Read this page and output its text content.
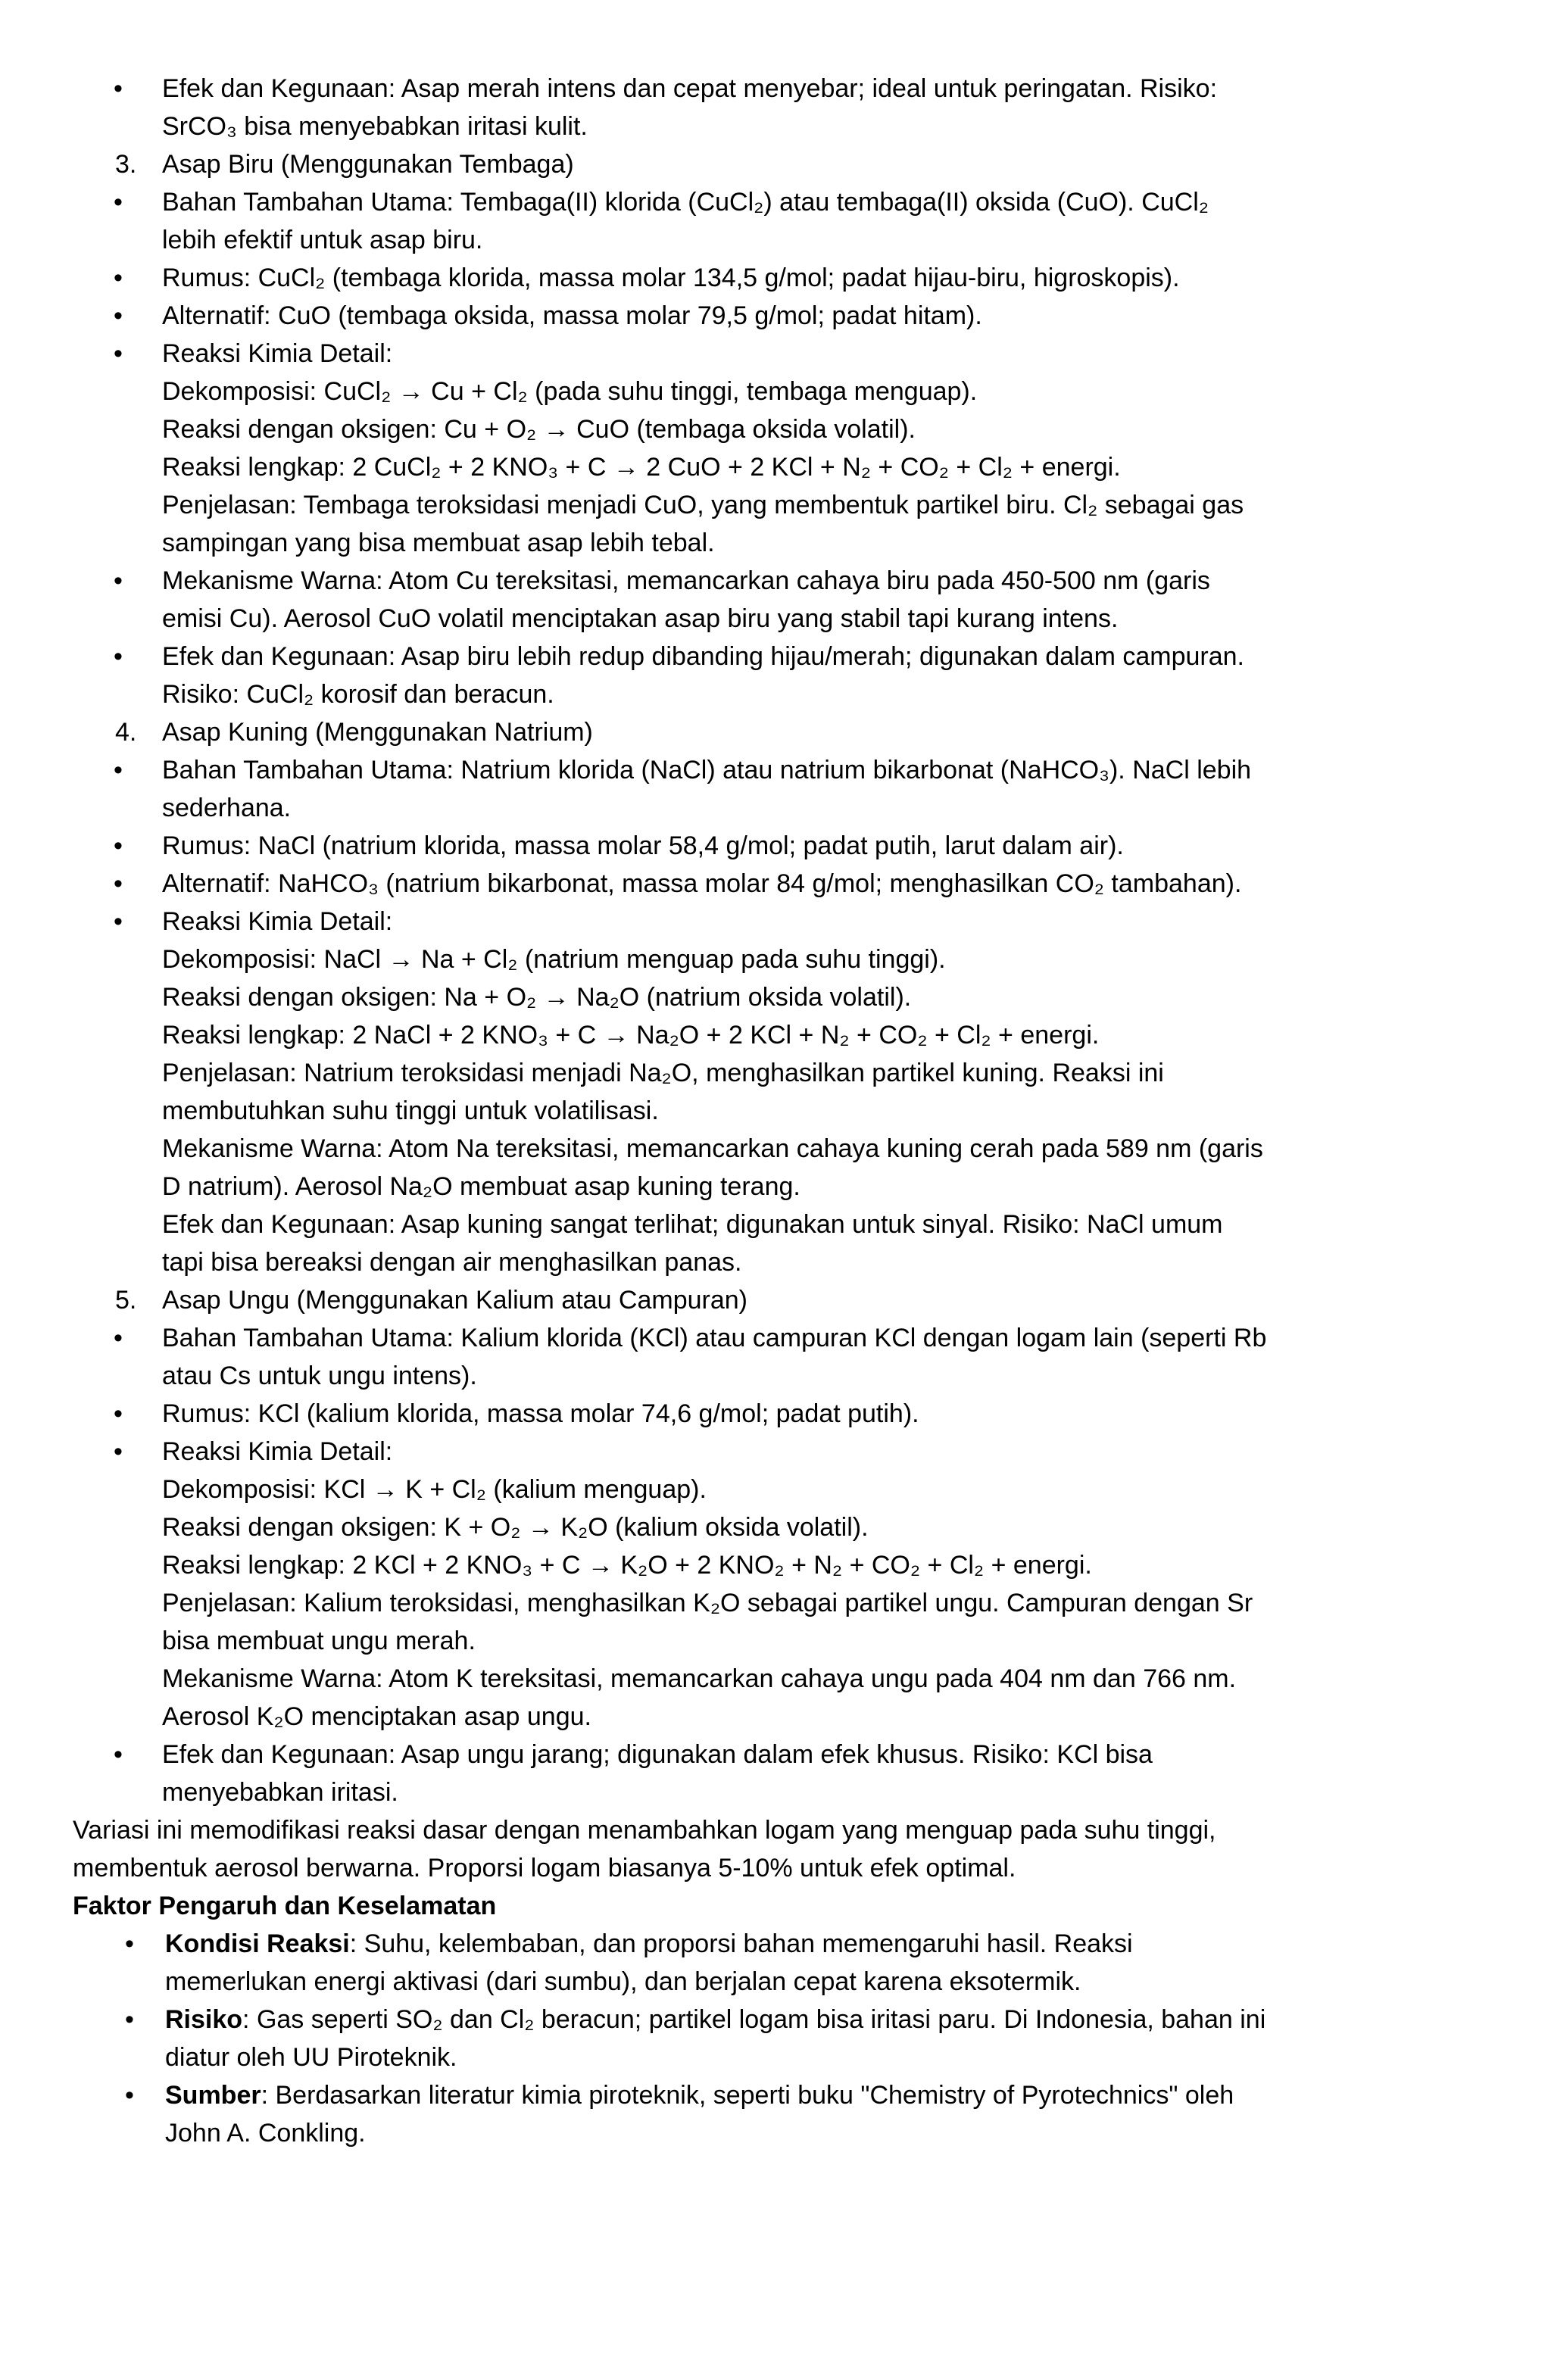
• Efek dan Kegunaan: Asap merah intens dan cepat menyebar; ideal untuk peringatan. Risiko:
SrCO₃ bisa menyebabkan iritasi kulit.
3. Asap Biru (Menggunakan Tembaga)
• Bahan Tambahan Utama: Tembaga(II) klorida (CuCl₂) atau tembaga(II) oksida (CuO). CuCl₂
lebih efektif untuk asap biru.
• Rumus: CuCl₂ (tembaga klorida, massa molar 134,5 g/mol; padat hijau-biru, higroskopis).
• Alternatif: CuO (tembaga oksida, massa molar 79,5 g/mol; padat hitam).
• Reaksi Kimia Detail:
Dekomposisi: CuCl₂ → Cu + Cl₂ (pada suhu tinggi, tembaga menguap).
Reaksi dengan oksigen: Cu + O₂ → CuO (tembaga oksida volatil).
Reaksi lengkap: 2 CuCl₂ + 2 KNO₃ + C → 2 CuO + 2 KCl + N₂ + CO₂ + Cl₂ + energi.
Penjelasan: Tembaga teroksidasi menjadi CuO, yang membentuk partikel biru. Cl₂ sebagai gas
sampingan yang bisa membuat asap lebih tebal.
• Mekanisme Warna: Atom Cu tereksitasi, memancarkan cahaya biru pada 450-500 nm (garis
emisi Cu). Aerosol CuO volatil menciptakan asap biru yang stabil tapi kurang intens.
• Efek dan Kegunaan: Asap biru lebih redup dibanding hijau/merah; digunakan dalam campuran.
Risiko: CuCl₂ korosif dan beracun.
4. Asap Kuning (Menggunakan Natrium)
• Bahan Tambahan Utama: Natrium klorida (NaCl) atau natrium bikarbonat (NaHCO₃). NaCl lebih
sederhana.
• Rumus: NaCl (natrium klorida, massa molar 58,4 g/mol; padat putih, larut dalam air).
• Alternatif: NaHCO₃ (natrium bikarbonat, massa molar 84 g/mol; menghasilkan CO₂ tambahan).
• Reaksi Kimia Detail:
Dekomposisi: NaCl → Na + Cl₂ (natrium menguap pada suhu tinggi).
Reaksi dengan oksigen: Na + O₂ → Na₂O (natrium oksida volatil).
Reaksi lengkap: 2 NaCl + 2 KNO₃ + C → Na₂O + 2 KCl + N₂ + CO₂ + Cl₂ + energi.
Penjelasan: Natrium teroksidasi menjadi Na₂O, menghasilkan partikel kuning. Reaksi ini
membutuhkan suhu tinggi untuk volatilisasi.
Mekanisme Warna: Atom Na tereksitasi, memancarkan cahaya kuning cerah pada 589 nm (garis
D natrium). Aerosol Na₂O membuat asap kuning terang.
Efek dan Kegunaan: Asap kuning sangat terlihat; digunakan untuk sinyal. Risiko: NaCl umum
tapi bisa bereaksi dengan air menghasilkan panas.
5. Asap Ungu (Menggunakan Kalium atau Campuran)
• Bahan Tambahan Utama: Kalium klorida (KCl) atau campuran KCl dengan logam lain (seperti Rb
atau Cs untuk ungu intens).
• Rumus: KCl (kalium klorida, massa molar 74,6 g/mol; padat putih).
• Reaksi Kimia Detail:
Dekomposisi: KCl → K + Cl₂ (kalium menguap).
Reaksi dengan oksigen: K + O₂ → K₂O (kalium oksida volatil).
Reaksi lengkap: 2 KCl + 2 KNO₃ + C → K₂O + 2 KNO₂ + N₂ + CO₂ + Cl₂ + energi.
Penjelasan: Kalium teroksidasi, menghasilkan K₂O sebagai partikel ungu. Campuran dengan Sr
bisa membuat ungu merah.
Mekanisme Warna: Atom K tereksitasi, memancarkan cahaya ungu pada 404 nm dan 766 nm.
Aerosol K₂O menciptakan asap ungu.
• Efek dan Kegunaan: Asap ungu jarang; digunakan dalam efek khusus. Risiko: KCl bisa
menyebabkan iritasi.
Variasi ini memodifikasi reaksi dasar dengan menambahkan logam yang menguap pada suhu tinggi,
membentuk aerosol berwarna. Proporsi logam biasanya 5-10% untuk efek optimal.
Faktor Pengaruh dan Keselamatan
• Kondisi Reaksi: Suhu, kelembaban, dan proporsi bahan memengaruhi hasil. Reaksi
memerlukan energi aktivasi (dari sumbu), dan berjalan cepat karena eksotermik.
• Risiko: Gas seperti SO₂ dan Cl₂ beracun; partikel logam bisa iritasi paru. Di Indonesia, bahan ini
diatur oleh UU Piroteknik.
• Sumber: Berdasarkan literatur kimia piroteknik, seperti buku "Chemistry of Pyrotechnics" oleh
John A. Conkling.
